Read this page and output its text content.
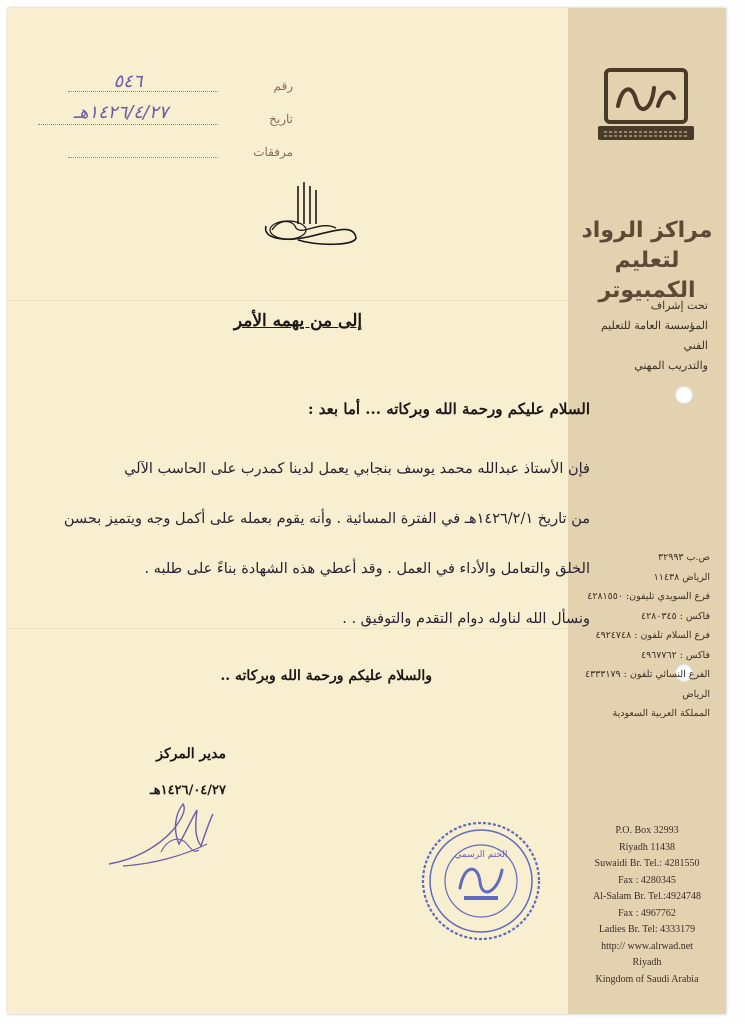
مراكز الرواد
لتعليم الكمبيوتر
تحت إشراف
المؤسسة العامة للتعليم الفني
والتدريب المهني
ص.ب ٣٢٩٩٣
الرياض ١١٤٣٨
فرع السويدي تليفون: ٤٢٨١٥٥٠
فاكس : ٤٢٨٠٣٤٥
فرع السلام تلفون : ٤٩٢٤٧٤٨
فاكس : ٤٩٦٧٧٦٢
الفرع النسائي تلفون : ٤٣٣٣١٧٩
الرياض
المملكة العربية السعودية
P.O. Box 32993
Riyadh 11438
Suwaidi Br. Tel.: 4281550
Fax : 4280345
Al-Salam Br. Tel.:4924748
Fax : 4967762
Ladies Br. Tel: 4333179
http:// www.alrwad.net
Riyadh
Kingdom of Saudi Arabia
رقم
تاريخ
مرفقات
٥٤٦
١٤٢٦/٤/٢٧هـ
إلى من يهمه الأمر
السلام عليكم ورحمة الله وبركاته ... أما بعد :
فإن الأستاذ عبدالله محمد يوسف بنجابي يعمل لدينا كمدرب على الحاسب الآلي
من تاريخ ١٤٢٦/٢/١هـ في الفترة المسائية . وأنه يقوم بعمله على أكمل وجه ويتميز بحسن
الخلق والتعامل والأداء في العمل . وقد أعطي هذه الشهادة بناءً على طلبه .
ونسأل الله لناوله دوام التقدم والتوفيق . .
والسلام عليكم ورحمة الله وبركاته ..
مدير المركز
١٤٢٦/٠٤/٢٧هـ
الختم الرسمي
